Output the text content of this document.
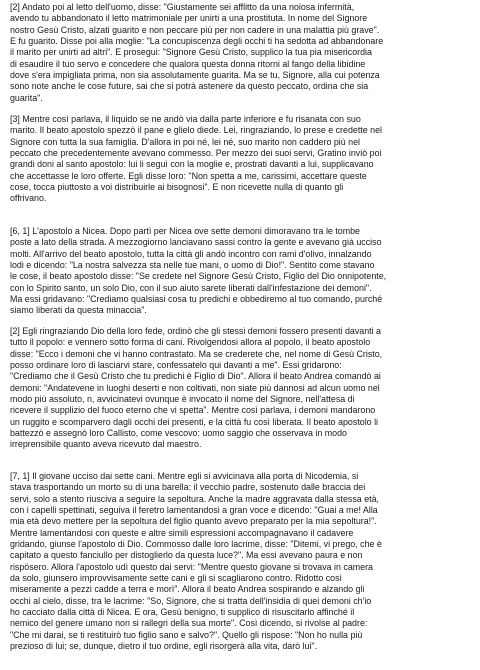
[2] Andato poi al letto dell'uomo, disse: "Giustamente sei afflitto da una noiosa infermità,
avendo tu abbandonato il letto matrimoniale per unirti a una prostituta. In nome del Signore
nostro Gesù Cristo, alzati guarito e non peccare più per non cadere in una malattia più grave".
E fu guarito. Disse poi alla moglie: "La concupiscenza degli occhi ti ha sedotta ad abbandonare
il marito per unirti ad altri". E prosegui: "Signore Gesù Cristo, supplico la tua pia misericordia
di esaudire il tuo servo e concedere che qualora questa donna ritorni al fango della libidine
dove s'era impigliata prima, non sia assolutamente guarita. Ma se tu, Signore, alla cui potenza
sono note anche le cose future, sai che si potrà astenere da questo peccato, ordina che sia
guarita".
[3] Mentre così parlava, il liquido se ne andò via dalla parte inferiore e fu risanata con suo
marito. Il beato apostolo spezzò il pane e glielo diede. Lei, ringraziando, lo prese e credette nel
Signore con tutta la sua famiglia. D'allora in poi né, lei né, suo marito non caddero più nel
peccato che precedentemente avevano commesso. Per mezzo dei suoi servi, Gratino inviò poi
grandi doni al santo apostolo: lui li seguì con la moglie e, prostrati davanti a lui, supplicavano
che accettasse le loro offerte. Egli disse loro: "Non spetta a me, carissimi, accettare queste
cose, tocca piuttosto a voi distribuirle ai bisognosi". E non ricevette nulla di quanto gli
offrivano.
[6, 1] L'apostolo a Nicea. Dopo partì per Nicea ove sette demoni dimoravano tra le tombe
poste a lato della strada. A mezzogiorno lanciavano sassi contro la gente e avevano già ucciso
molti. All'arrivo del beato apostolo, tutta la città gli andò incontro con rami d'olivo, innalzando
lodi e dicendo: "La nostra salvezza sta nelle tue mani, o uomo di Dio!". Sentito come stavano
le cose, il beato apostolo disse: "Se credete nel Signore Gesù Cristo, Figlio del Dio onnipotente,
con lo Spirito santo, un solo Dio, con il suo aiuto sarete liberati dall'infestazione dei demoni".
Ma essi gridavano: "Crediamo qualsiasi cosa tu predichi e obbediremo al tuo comando, purché
siamo liberati da questa minaccia".
[2] Egli ringraziando Dio della loro fede, ordinò che gli stessi demoni fossero presenti davanti a
tutto il popolo: e vennero sotto forma di cani. Rivolgendosi allora al popolo, il beato apostolo
disse: "Ecco i demoni che vi hanno contrastato. Ma se crederete che, nel nome di Gesù Cristo,
posso ordinare loro di lasciarvi stare, confessatelo qui davanti a me". Essi gridarono:
"Crediamo che il Gesù Cristo che tu predichi è Figlio di Dio". Allora il beato Andrea comandò ai
demoni: "Andatevene in luoghi deserti e non coltivati, non siate più dannosi ad alcun uomo nel
modo più assoluto, n, avvicinatevi ovunque è invocato il nome del Signore, nell'attesa di
ricevere il supplizio del fuoco eterno che vi spetta". Mentre così parlava, i demoni mandarono
un ruggito e scomparvero dagli occhi dei presenti, e la città fu così liberata. Il beato apostolo li
battezzò e assegnò loro Callisto, come vescovo: uomo saggio che osservava in modo
irreprensibile quanto aveva ricevuto dal maestro.
[7, 1] Il giovane ucciso dai sette cani. Mentre egli si avvicinava alla porta di Nicodemia, si
stava trasportando un morto su di una barella: il vecchio padre, sostenuto dalle braccia dei
servi, solo a stento riusciva a seguire la sepoltura. Anche la madre aggravata dalla stessa età,
con i capelli spettinati, seguiva il feretro lamentandosi a gran voce e dicendo: "Guai a me! Alla
mia età devo mettere per la sepoltura del figlio quanto avevo preparato per la mia sepoltura!".
Mentre lamentandosi con queste e altre simili espressioni accompagnavano il cadavere
gridando, giunse l'apostolo di Dio. Commosso dalle loro lacrime, disse: "Ditemi, vi prego, che è
capitato a questo fanciullo per distoglierlo da questa luce?". Ma essi avevano paura e non
rispösero. Allora l'apostolo udì questo dai servi: "Mentre questo giovane si trovava in camera
da solo, giunsero improvvisamente sette cani e gli si scagliarono contro. Ridotto così
miseramente a pezzi cadde a terra e morì". Allora il beato Andrea sospirando e alzando gli
occhi al cielo, disse, tra le lacrime: "So, Signore, che si tratta dell'insidia di quei demoni ch'io
ho cacciato dalla città di Nicea. E ora, Gesù benigno, ti supplico di risuscitarlo affinché il
nemico del genere umano non si rallegri della sua morte". Così dicendo, si rivolse al padre:
"Che mi darai, se ti restituirò tuo figlio sano e salvo?". Quello gli rispose: "Non ho nulla più
prezioso di lui; se, dunque, dietro il tuo ordine, egli risorgerà alla vita, darò lui".
